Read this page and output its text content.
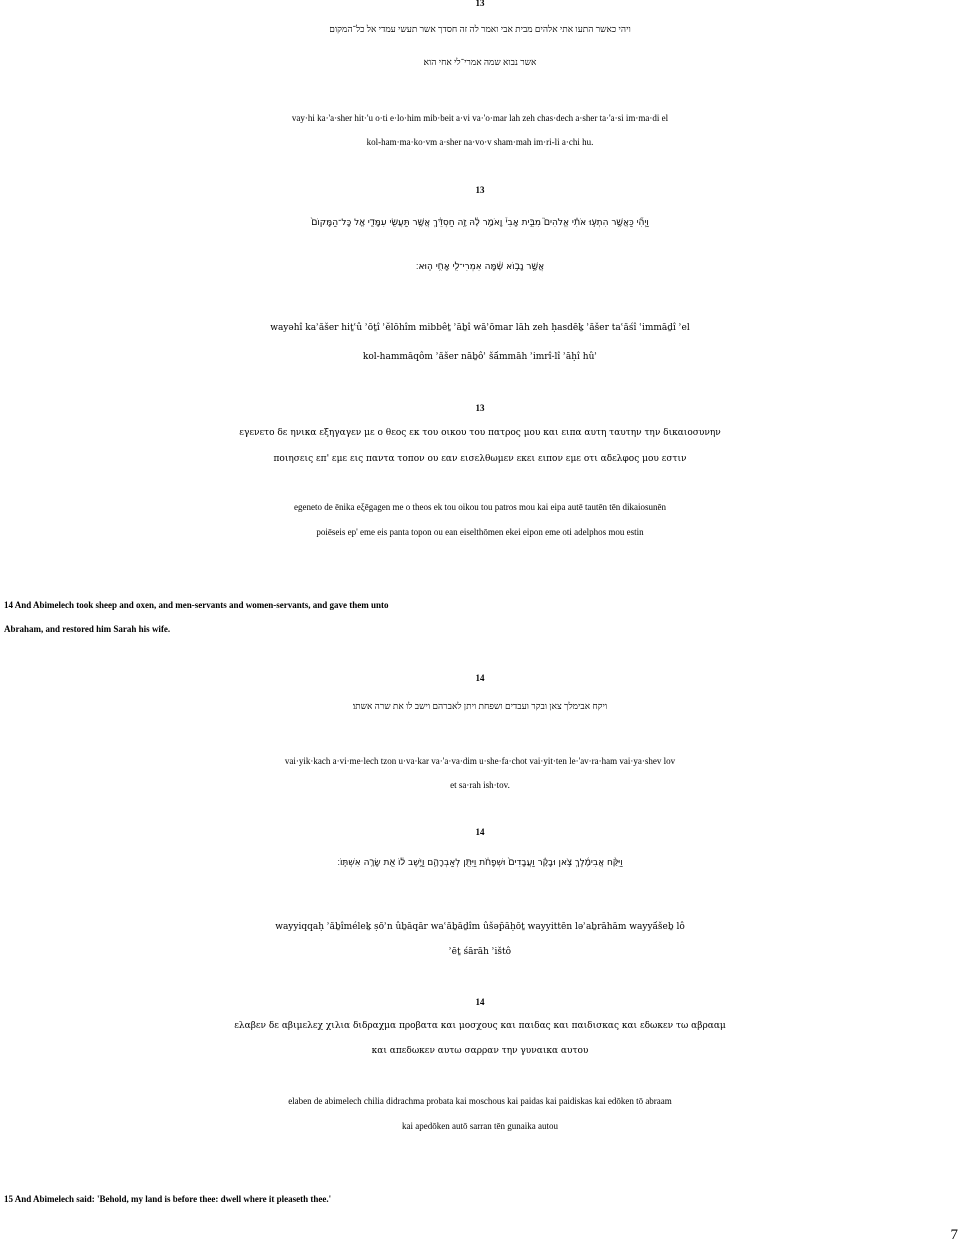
13

ויהי כאשר התעו אתי אלהים מבית אבי ואמר לה זה חסדך אשר תעשי עמדי אל כל־המקום

אשר נבוא שמה אמרי־לי אחי הוא׃

vay·hi ka·'a·sher hit·'u o·ti e·lo·him mib·beit a·vi va·'o·mar lah zeh chas·dech a·sher ta·'a·si im·ma·di el

kol-ham·ma·ko·vm a·sher na·vo·v sham·mah im·ri-li a·chi hu.

13

וַיְהִ֞י כַּאֲשֶׁ֣ר הִתְע֣וּ אֹתִ֗י אֱלֹהִים֮ מִבֵּ֣ית אָבִי֒ וָאֹמַ֣ר לָ֔הּ זֶ֣ה חַסְדֵּ֔ךְ אֲשֶׁ֥ר תַּעֲשִׂ֖י עִמָּדִ֑י אֶ֤ל כָּל־הַמָּקוֹם֙

אֲשֶׁ֣ר נָב֣וֹא שָׁ֔מָּה אִמְרִי־לִ֖י אָחִ֥י הֽוּא׃

wayəhî kaʾăšer hiṯʿû ʾōṯî ʾĕlōhîm mibbêṯ ʾāḇî wāʾōmar lāh zeh ḥasdēḵ ʾăšer taʿăśî ʿimmāḏî ʾel

kol-hammāqôm ʾăšer nāḇôʾ šā́mmāh ʾimrî-lî ʾāḥî hûʾ

13

εγενετο δε ηνικα εξηγαγεν με ο θεος εκ του οικου του πατρος μου και ειπα αυτη ταυτην την δικαιοσυνην

ποιησεις επ' εμε εις παντα τοπον ου εαν εισελθωμεν εκει ειπον εμε οτι αδελφος μου εστιν

egeneto de ēnika eξēgagen me o theos ek tou oikou tou patros mou kai eipa autē tautēn tēn dikaiosunēn

poiēseis ep' eme eis panta topon ou ean eiselthōmen ekei eipon eme oti adelphos mou estin

14 And Abimelech took sheep and oxen, and men-servants and women-servants, and gave them unto

Abraham, and restored him Sarah his wife.

14

ויקח אבימלך צאן ובקר ועבדים ושפחת ויתן לאברהם וישב לו את שרה אשתו׃

vai·yik·kach a·vi·me·lech tzon u·va·kar va·'a·va·dim u·she·fa·chot vai·yit·ten le·'av·ra·ham vai·ya·shev lov

et sa·rah ish·tov.

14

וַיִּקַּ֨ח אֲבִימֶ֜לֶךְ צֹ֣אן וּבָקָ֗ר וַעֲבָדִים֙ וּשְׁפָחֹ֔ת וַיִּתֵּ֖ן לְאַבְרָהָ֑ם וַיָּ֣שֶׁב ל֔וֹ אֵ֖ת שָׂרָ֥ה אִשְׁתּֽוֹ׃

wayyiqqaḥ ʾăḇîméleḵ ṣōʾn ûḇāqār waʿăḇāḏîm ûšəp̄āḥōṯ wayyittēn ləʾaḇrāhām wayyā́šeḇ lô

ʾēṯ śārāh ʾištô

14

ελαβεν δε αβιμελεχ χιλια διδραχμα προβατα και μοσχους και παιδας και παιδισκας και εδωκεν τω αβρααμ

και απεδωκεν αυτω σαρραν την γυναικα αυτου

elaben de abimelech chilia didrachma probata kai moschous kai paidas kai paidiskas kai edōken tō abraam

kai apedōken autō sarran tēn gunaika autou

15 And Abimelech said: 'Behold, my land is before thee: dwell where it pleaseth thee.'

7
